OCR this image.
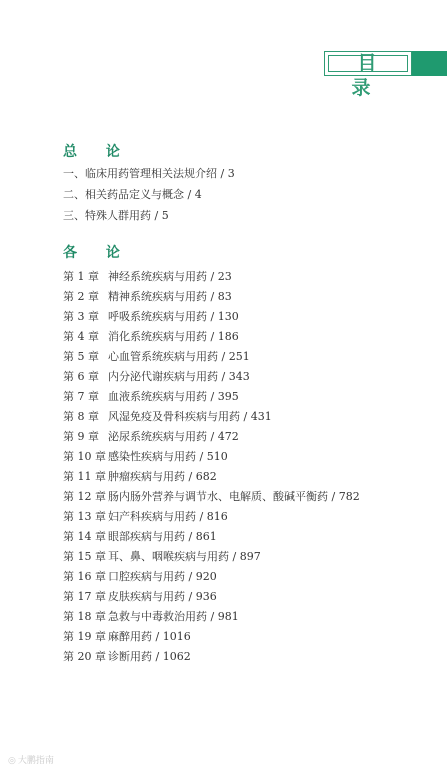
目 录
总 论
一、临床用药管理相关法规介绍 / 3
二、相关药品定义与概念 / 4
三、特殊人群用药 / 5
各 论
第 1 章 神经系统疾病与用药 / 23
第 2 章 精神系统疾病与用药 / 83
第 3 章 呼吸系统疾病与用药 / 130
第 4 章 消化系统疾病与用药 / 186
第 5 章 心血管系统疾病与用药 / 251
第 6 章 内分泌代谢疾病与用药 / 343
第 7 章 血液系统疾病与用药 / 395
第 8 章 风湿免疫及骨科疾病与用药 / 431
第 9 章 泌尿系统疾病与用药 / 472
第 10 章 感染性疾病与用药 / 510
第 11 章 肿瘤疾病与用药 / 682
第 12 章 肠内肠外营养与调节水、电解质、酸碱平衡药 / 782
第 13 章 妇产科疾病与用药 / 816
第 14 章 眼部疾病与用药 / 861
第 15 章 耳、鼻、咽喉疾病与用药 / 897
第 16 章 口腔疾病与用药 / 920
第 17 章 皮肤疾病与用药 / 936
第 18 章 急救与中毒救治用药 / 981
第 19 章 麻醉用药 / 1016
第 20 章 诊断用药 / 1062
◎ 大鹏指南
